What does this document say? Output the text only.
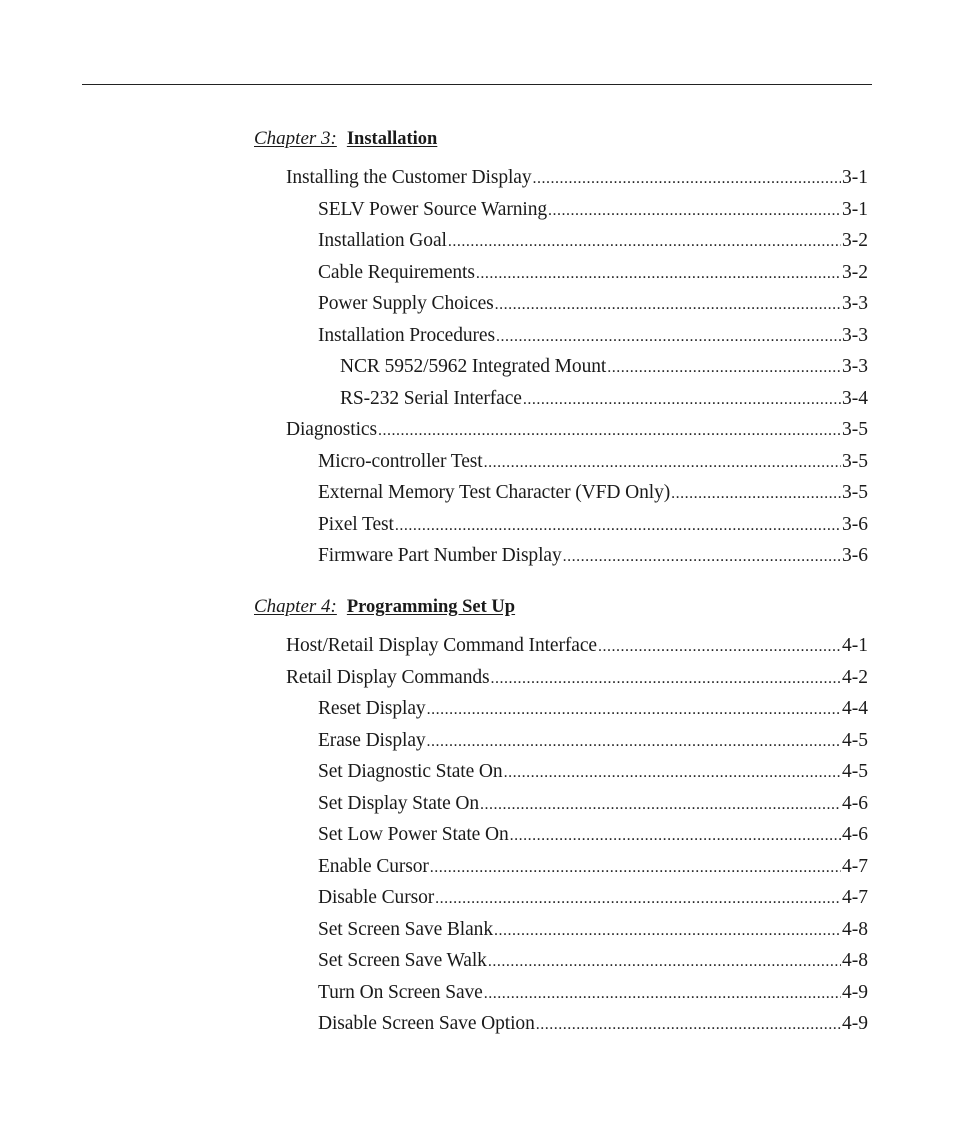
Chapter 3: Installation
Chapter 4: Programming Set Up
Installing the Customer Display .....	3-1
SELV Power Source Warning .....	3-1
Installation Goal .....	3-2
Cable Requirements .....	3-2
Power Supply Choices .....	3-3
Installation Procedures .....	3-3
NCR 5952/5962 Integrated Mount .....	3-3
RS-232 Serial Interface .....	3-4
Diagnostics .....	3-5
Micro-controller Test .....	3-5
External Memory Test Character (VFD Only) .....	3-5
Pixel Test .....	3-6
Firmware Part Number Display .....	3-6
Host/Retail Display Command Interface .....	4-1
Retail Display Commands .....	4-2
Reset Display .....	4-4
Erase Display .....	4-5
Set Diagnostic State On .....	4-5
Set Display State On .....	4-6
Set Low Power State On .....	4-6
Enable Cursor .....	4-7
Disable Cursor .....	4-7
Set Screen Save Blank .....	4-8
Set Screen Save Walk .....	4-8
Turn On Screen Save .....	4-9
Disable Screen Save Option .....	4-9
